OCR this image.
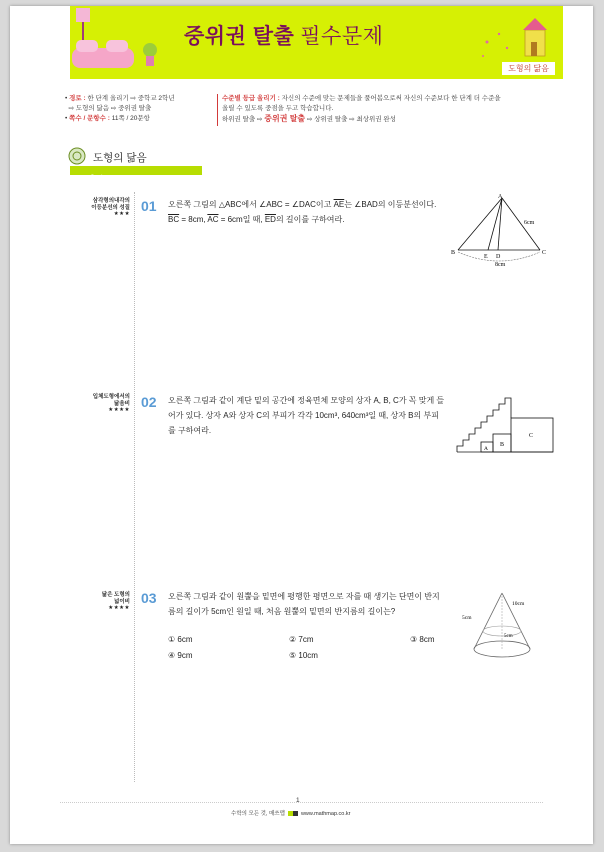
중위권 탈출 필수문제
도형의 닮음
• 경로 : 한 단계 올리기 ⇨ 중학교 2학년
⇨ 도형의 닮음 ⇨ 중위권 탈출
• 쪽수 / 문항수 : 11쪽 / 20문항
수준별 등급 올리기 : 자신의 수준에 맞는 문제들을 풀어봄으로써 자신의 수준보다 한 단계 더 수준을
올릴 수 있도록 중점을 두고 학습합니다.
하위권 탈출 ⇨ 중위권 탈출 ⇨ 상위권 탈출 ⇨ 최상위권 완성
도형의 닮음
Senior
삼각형의내각의
이등분선의 성질
★★★ 01 오른쪽 그림의 △ABC에서 ∠ABC = ∠DAC이고 $\overline{AE}$는 ∠BAD의 이등분선이다. $\overline{BC} = 8cm$, $\overline{AC} = 6cm$일 때, $\overline{ED}$의 길이를 구하여라.
A
B	C
E D
6cm
8cm
입체도형에서의
닮음비
★★★★ 02 오른쪽 그림과 같이 계단 밑의 공간에 정육면체 모양의 상자 A, B, C가 꼭 맞게 들어가 있다. 상자 A와 상자 C의 부피가 각각 10cm³, 640cm³일 때, 상자 B의 부피를 구하여라.
A
B
C
닮은 도형의
넓이비
★★★★
03 오른쪽 그림과 같이 원뿔을 밑면에 평행한 평면으로 자를 때 생기는 단면이 반지름의 길이가 5cm인 원일 때, 처음 원뿔의 밑면의 반지름의 길이는?
① 6cm	② 7cm	③ 8cm
④ 9cm	⑤ 10cm
10cm
5cm
5cm
1
수학의 모든 것, 매쓰맵	www.mathmap.co.kr
